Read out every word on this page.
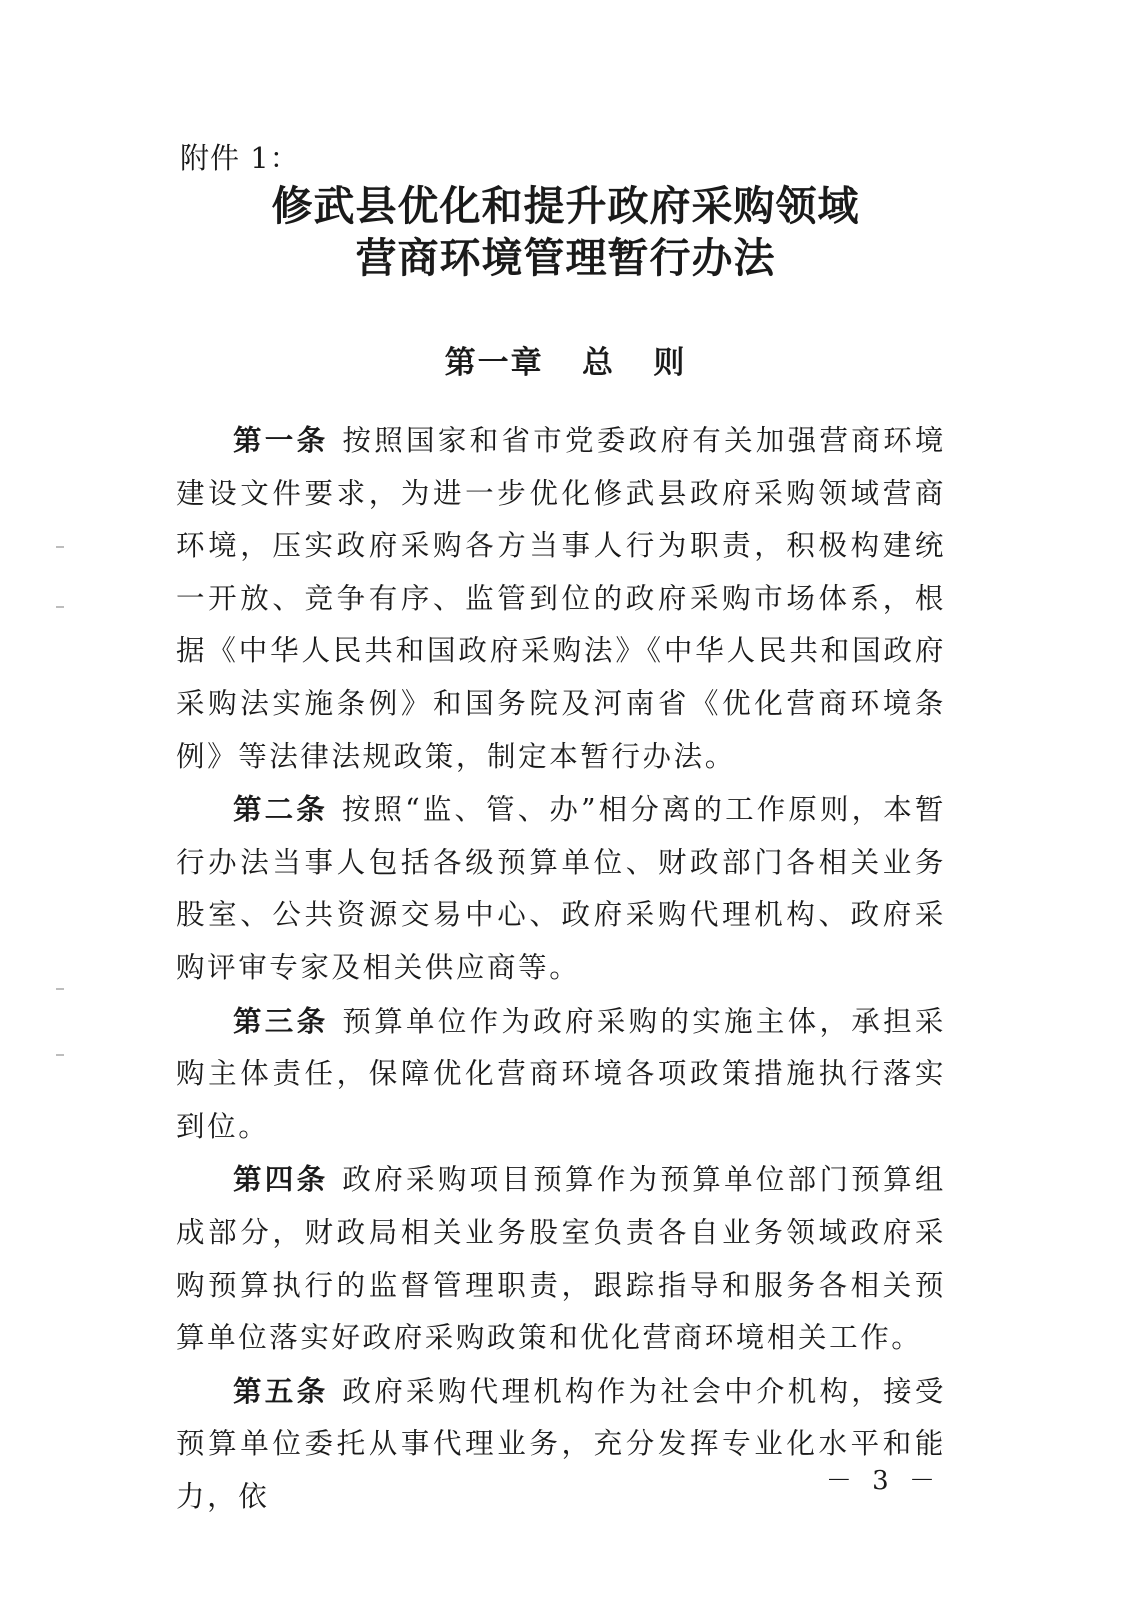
附件 1：
修武县优化和提升政府采购领域
营商环境管理暂行办法
第一章   总   则

第一条 按照国家和省市党委政府有关加强营商环境建设文件要求，为进一步优化修武县政府采购领域营商环境，压实政府采购各方当事人行为职责，积极构建统一开放、竞争有序、监管到位的政府采购市场体系，根据《中华人民共和国政府采购法》《中华人民共和国政府采购法实施条例》和国务院及河南省《优化营商环境条例》等法律法规政策，制定本暂行办法。

第二条 按照“监、管、办”相分离的工作原则，本暂行办法当事人包括各级预算单位、财政部门各相关业务股室、公共资源交易中心、政府采购代理机构、政府采购评审专家及相关供应商等。

第三条 预算单位作为政府采购的实施主体，承担采购主体责任，保障优化营商环境各项政策措施执行落实到位。

第四条 政府采购项目预算作为预算单位部门预算组成部分，财政局相关业务股室负责各自业务领域政府采购预算执行的监督管理职责，跟踪指导和服务各相关预算单位落实好政府采购政策和优化营商环境相关工作。

第五条 政府采购代理机构作为社会中介机构，接受预算单位委托从事代理业务，充分发挥专业化水平和能力，依	－ 3 －
